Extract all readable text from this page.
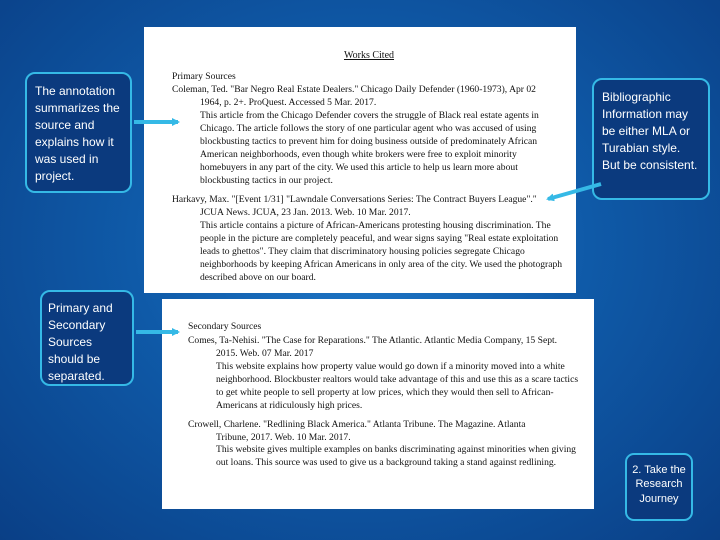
Works Cited
Primary Sources
Coleman, Ted. "Bar Negro Real Estate Dealers." Chicago Daily Defender (1960-1973), Apr 02
1964, p. 2+. ProQuest. Accessed 5 Mar. 2017.
This article from the Chicago Defender covers the struggle of Black real estate agents in Chicago. The article follows the story of one particular agent who was accused of using blockbusting tactics to prevent him for doing business outside of predominately African American neighborhoods, even though white brokers were free to exploit minority homebuyers in any part of the city. We used this article to help us learn more about blockbusting tactics in our project.
Harkavy, Max. "[Event 1/31] "Lawndale Conversations Series: The Contract Buyers League"."
JCUA News. JCUA, 23 Jan. 2013. Web. 10 Mar. 2017.
This article contains a picture of African-Americans protesting housing discrimination. The people in the picture are completely peaceful, and wear signs saying "Real estate exploitation leads to ghettos". They claim that discriminatory housing policies segregate Chicago neighborhoods by keeping African Americans in only area of the city. We used the photograph described above on our board.
Secondary Sources
Comes, Ta-Nehisi. "The Case for Reparations." The Atlantic. Atlantic Media Company, 15 Sept.
2015. Web. 07 Mar. 2017
This website explains how property value would go down if a minority moved into a white neighborhood. Blockbuster realtors would take advantage of this and use this as a scare tactics to get white people to sell property at low prices, which they would then sell to African-Americans at ridiculously high prices.
Crowell, Charlene. "Redlining Black America." Atlanta Tribune. The Magazine. Atlanta
Tribune, 2017. Web. 10 Mar. 2017.
This website gives multiple examples on banks discriminating against minorities when giving out loans. This source was used to give us a background taking a stand against redlining.
The annotation summarizes the source and explains how it was used in project.
Bibliographic Information may be either MLA or Turabian style. But be consistent.
Primary and Secondary Sources should be separated.
2. Take the Research Journey
